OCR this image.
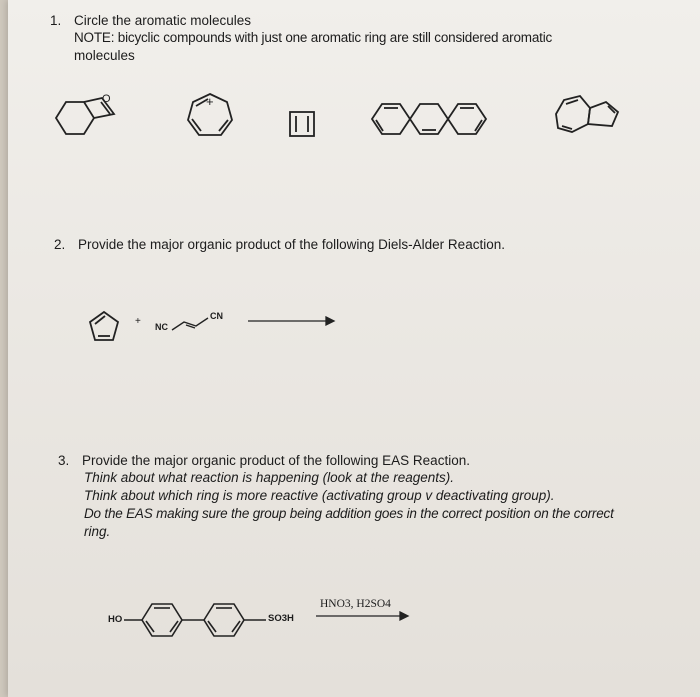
1. Circle the aromatic molecules
NOTE: bicyclic compounds with just one aromatic ring are still considered aromatic
molecules
O	+
2. Provide the major organic product of the following Diels-Alder Reaction.
+ NC
CN
3. Provide the major organic product of the following EAS Reaction.
Think about what reaction is happening (look at the reagents).
Think about which ring is more reactive (activating group v deactivating group).
Do the EAS making sure the group being addition goes in the correct position on the correct
ring.
HO	SO3H
HNO3, H2SO4
